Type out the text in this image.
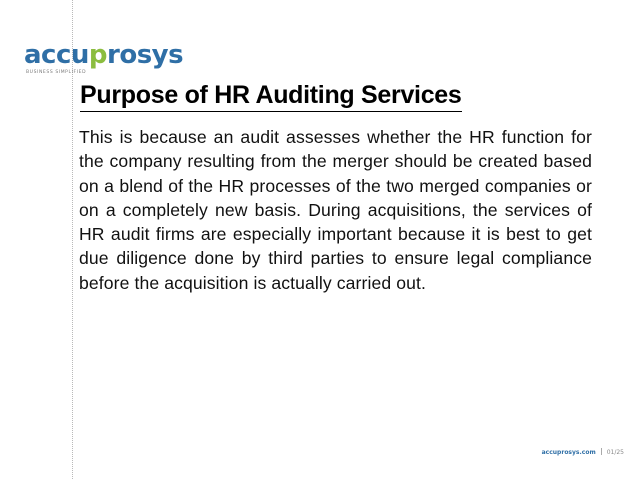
accuprosys
BUSINESS SIMPLIFIED
Purpose of HR Auditing Services

This is because an audit assesses whether the HR function for the company resulting from the merger should be created based on a blend of the HR processes of the two merged companies or on a completely new basis. During acquisitions, the services of HR audit firms are especially important because it is best to get due diligence done by third parties to ensure legal compliance before the acquisition is actually carried out.

accuprosys.com 01/25
